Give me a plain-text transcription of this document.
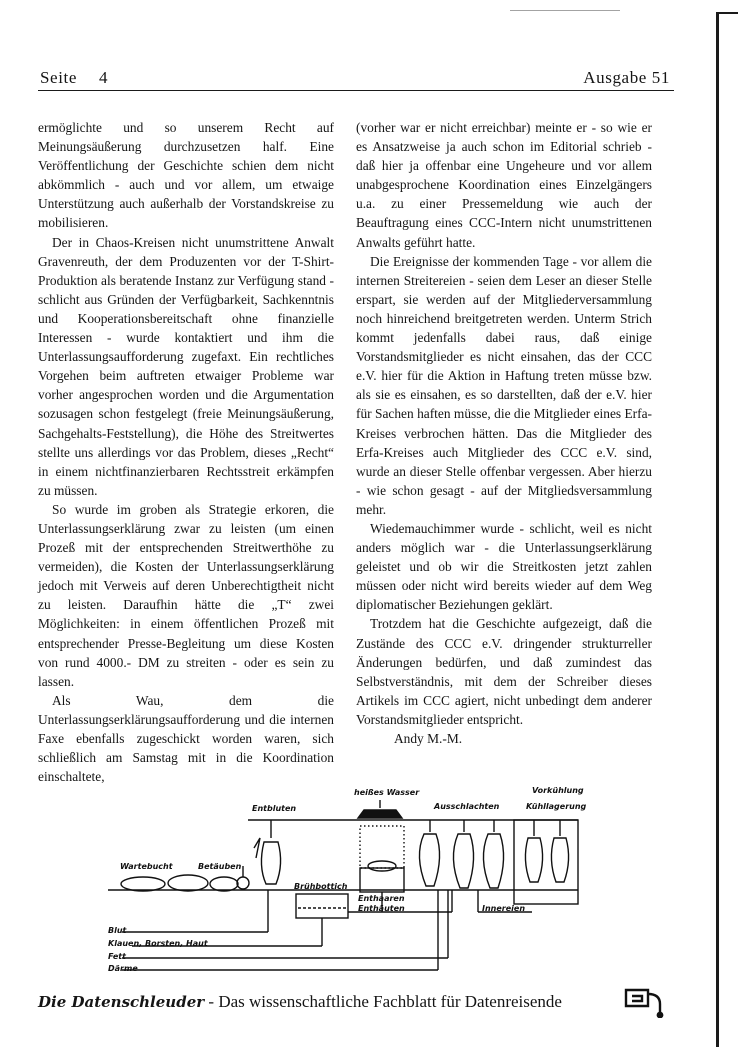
Seite 4	Ausgabe 51

ermöglichte und so unserem Recht auf Meinungsäußerung durchzusetzen half. Eine Veröffentlichung der Geschichte schien dem nicht abkömmlich - auch und vor allem, um etwaige Unterstützung auch außerhalb der Vorstandskreise zu mobilisieren.

Der in Chaos-Kreisen nicht unumstrittene Anwalt Gravenreuth, der dem Produzenten vor der T-Shirt-Produktion als beratende Instanz zur Verfügung stand - schlicht aus Gründen der Verfügbarkeit, Sachkenntnis und Kooperationsbereitschaft ohne finanzielle Interessen - wurde kontaktiert und ihm die Unterlassungsaufforderung zugefaxt. Ein rechtliches Vorgehen beim auftreten etwaiger Probleme war vorher angesprochen worden und die Argumentation sozusagen schon festgelegt (freie Meinungsäußerung, Sachgehalts-Feststellung), die Höhe des Streitwertes stellte uns allerdings vor das Problem, dieses „Recht“ in einem nichtfinanzierbaren Rechtsstreit erkämpfen zu müssen.

So wurde im groben als Strategie erkoren, die Unterlassungserklärung zwar zu leisten (um einen Prozeß mit der entsprechenden Streitwerthöhe zu vermeiden), die Kosten der Unterlassungserklärung jedoch mit Verweis auf deren Unberechtigtheit nicht zu leisten. Daraufhin hätte die „T“ zwei Möglichkeiten: in einem öffentlichen Prozeß mit entsprechender Presse-Begleitung um diese Kosten von rund 4000.- DM zu streiten - oder es sein zu lassen.

Als Wau, dem die Unterlassungserklärungsaufforderung und die internen Faxe ebenfalls zugeschickt worden waren, sich schließlich am Samstag mit in die Koordination einschaltete,

(vorher war er nicht erreichbar) meinte er - so wie er es Ansatzweise ja auch schon im Editorial schrieb - daß hier ja offenbar eine Ungeheure und vor allem unabgesprochene Koordination eines Einzelgängers u.a. zu einer Pressemeldung wie auch der Beauftragung eines CCC-Intern nicht unumstrittenen Anwalts geführt hatte.

Die Ereignisse der kommenden Tage - vor allem die internen Streitereien - seien dem Leser an dieser Stelle erspart, sie werden auf der Mitgliederversammlung noch hinreichend breitgetreten werden. Unterm Strich kommt jedenfalls dabei raus, daß einige Vorstandsmitglieder es nicht einsahen, das der CCC e.V. hier für die Aktion in Haftung treten müsse bzw. als sie es einsahen, es so darstellten, daß der e.V. hier für Sachen haften müsse, die die Mitglieder eines Erfa-Kreises verbrochen hätten. Das die Mitglieder des Erfa-Kreises auch Mitglieder des CCC e.V. sind, wurde an dieser Stelle offenbar vergessen. Aber hierzu - wie schon gesagt - auf der Mitgliedsversammlung mehr.

Wiedemauchimmer wurde - schlicht, weil es nicht anders möglich war - die Unterlassungserklärung geleistet und ob wir die Streitkosten jetzt zahlen müssen oder nicht wird bereits wieder auf dem Weg diplomatischer Beziehungen geklärt.

Trotzdem hat die Geschichte aufgezeigt, daß die Zustände des CCC e.V. dringender strukturreller Änderungen bedürfen, und daß zumindest das Selbstverständnis, mit dem der Schreiber dieses Artikels im CCC agiert, nicht unbedingt dem anderer Vorstandsmitglieder entspricht.

Andy M.-M.

heißes Wasser	Vorkühlung
Kühllagerung
Entbluten	Ausschlachten
Wartebucht	Betäuben
Brühbottich
Enthaaren
Enthäuten	Innereien
Blut
Klauen, Borsten, Haut
Fett
Därme
Die Datenschleuder - Das wissenschaftliche Fachblatt für Datenreisende
